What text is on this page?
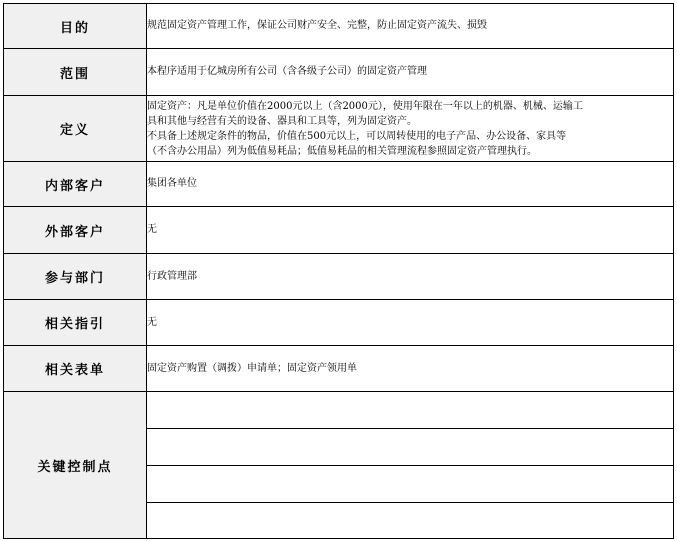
目的	规范固定资产管理工作，保证公司财产安全、完整，防止固定资产流失、损毁
范围	本程序适用于亿城房所有公司（含各级子公司）的固定资产管理
定义	固定资产：凡是单位价值在2000元以上（含2000元），使用年限在一年以上的机器、机械、运输工
具和其他与经营有关的设备、器具和工具等，列为固定资产。
不具备上述规定条件的物品，价值在500元以上，可以周转使用的电子产品、办公设备、家具等
（不含办公用品）列为低值易耗品；低值易耗品的相关管理流程参照固定资产管理执行。

内部客户	集团各单位
外部客户	无
参与部门	行政管理部
相关指引	无
相关表单	固定资产购置（调拨）申请单；固定资产领用单
关键控制点	
